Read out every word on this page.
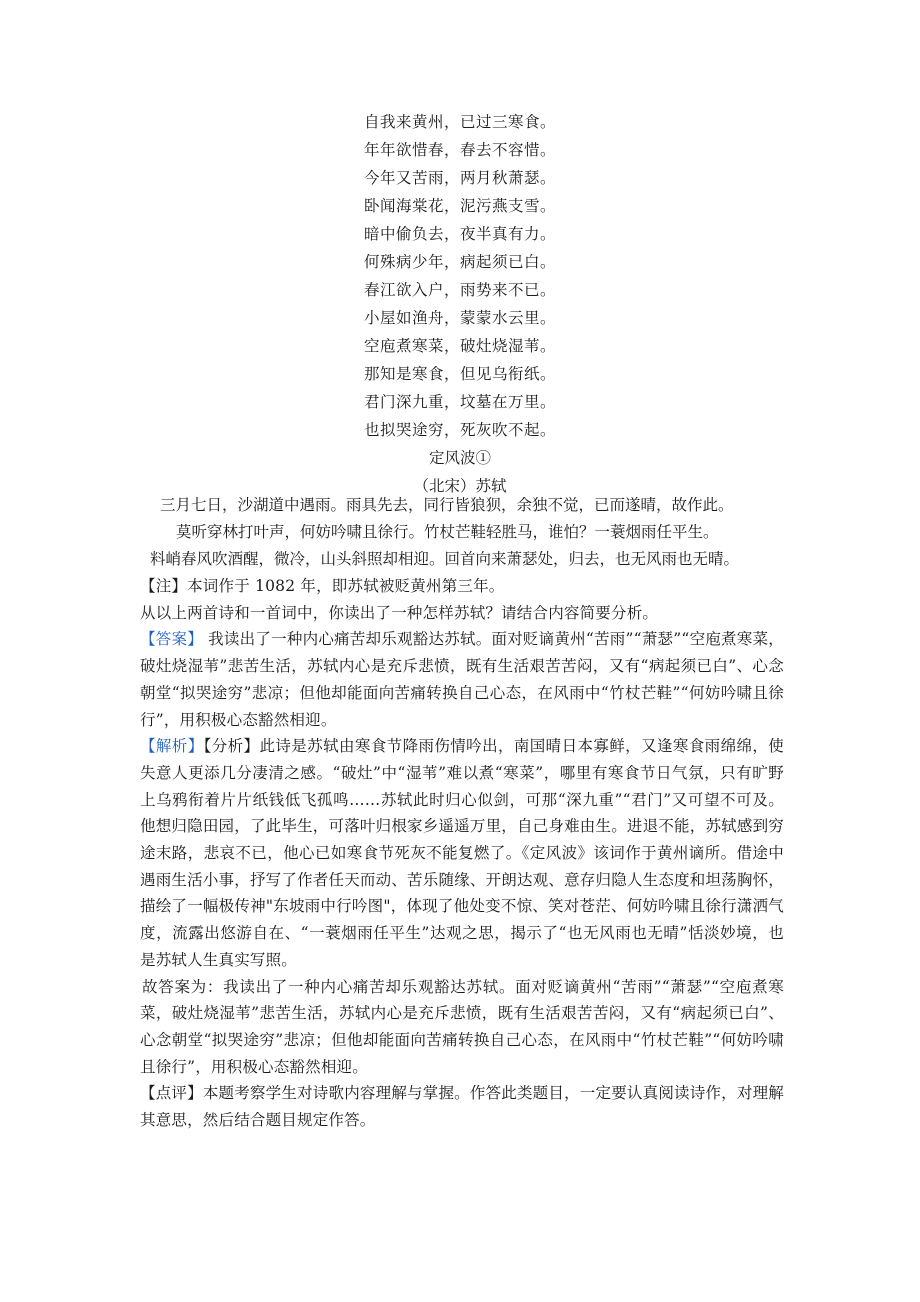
自我来黄州，已过三寒食。
年年欲惜春，春去不容惜。
今年又苦雨，两月秋萧瑟。
卧闻海棠花，泥污燕支雪。
暗中偷负去，夜半真有力。
何殊病少年，病起须已白。
春江欲入户，雨势来不已。
小屋如渔舟，蒙蒙水云里。
空庖煮寒菜，破灶烧湿苇。
那知是寒食，但见乌衔纸。
君门深九重，坟墓在万里。
也拟哭途穷，死灰吹不起。
定风波①
（北宋）苏轼
三月七日，沙湖道中遇雨。雨具先去，同行皆狼狈，余独不觉，已而遂晴，故作此。
莫听穿林打叶声，何妨吟啸且徐行。竹杖芒鞋轻胜马，谁怕？一蓑烟雨任平生。
料峭春风吹酒醒，微冷，山头斜照却相迎。回首向来萧瑟处，归去，也无风雨也无晴。

【注】本词作于 1082 年，即苏轼被贬黄州第三年。

从以上两首诗和一首词中，你读出了一种怎样苏轼？请结合内容简要分析。

【答案】 我读出了一种内心痛苦却乐观豁达苏轼。面对贬谪黄州“苦雨”“萧瑟”“空庖煮寒菜，破灶烧湿苇”悲苦生活，苏轼内心是充斥悲愤，既有生活艰苦苦闷，又有“病起须已白”、心念朝堂“拟哭途穷”悲凉；但他却能面向苦痛转换自己心态，在风雨中“竹杖芒鞋”“何妨吟啸且徐行”，用积极心态豁然相迎。

【解析】【分析】此诗是苏轼由寒食节降雨伤情吟出，南国晴日本寡鲜，又逢寒食雨绵绵，使失意人更添几分凄清之感。“破灶”中“湿苇”难以煮“寒菜”，哪里有寒食节日气氛，只有旷野上乌鸦衔着片片纸钱低飞孤鸣……苏轼此时归心似剑，可那“深九重”“君门”又可望不可及。他想归隐田园，了此毕生，可落叶归根家乡遥遥万里，自己身难由生。进退不能，苏轼感到穷途末路，悲哀不已，他心已如寒食节死灰不能复燃了。《定风波》该词作于黄州谪所。借途中遇雨生活小事，抒写了作者任天而动、苦乐随缘、开朗达观、意存归隐人生态度和坦荡胸怀，描绘了一幅极传神"东坡雨中行吟图"，体现了他处变不惊、笑对苍茫、何妨吟啸且徐行潇洒气度，流露出悠游自在、“一蓑烟雨任平生”达观之思，揭示了“也无风雨也无晴”恬淡妙境，也是苏轼人生真实写照。

故答案为：我读出了一种内心痛苦却乐观豁达苏轼。面对贬谪黄州“苦雨”“萧瑟”“空庖煮寒菜，破灶烧湿苇”悲苦生活，苏轼内心是充斥悲愤，既有生活艰苦苦闷，又有“病起须已白”、心念朝堂“拟哭途穷”悲凉；但他却能面向苦痛转换自己心态，在风雨中“竹杖芒鞋”“何妨吟啸且徐行”，用积极心态豁然相迎。

【点评】本题考察学生对诗歌内容理解与掌握。作答此类题目，一定要认真阅读诗作，对理解其意思，然后结合题目规定作答。
